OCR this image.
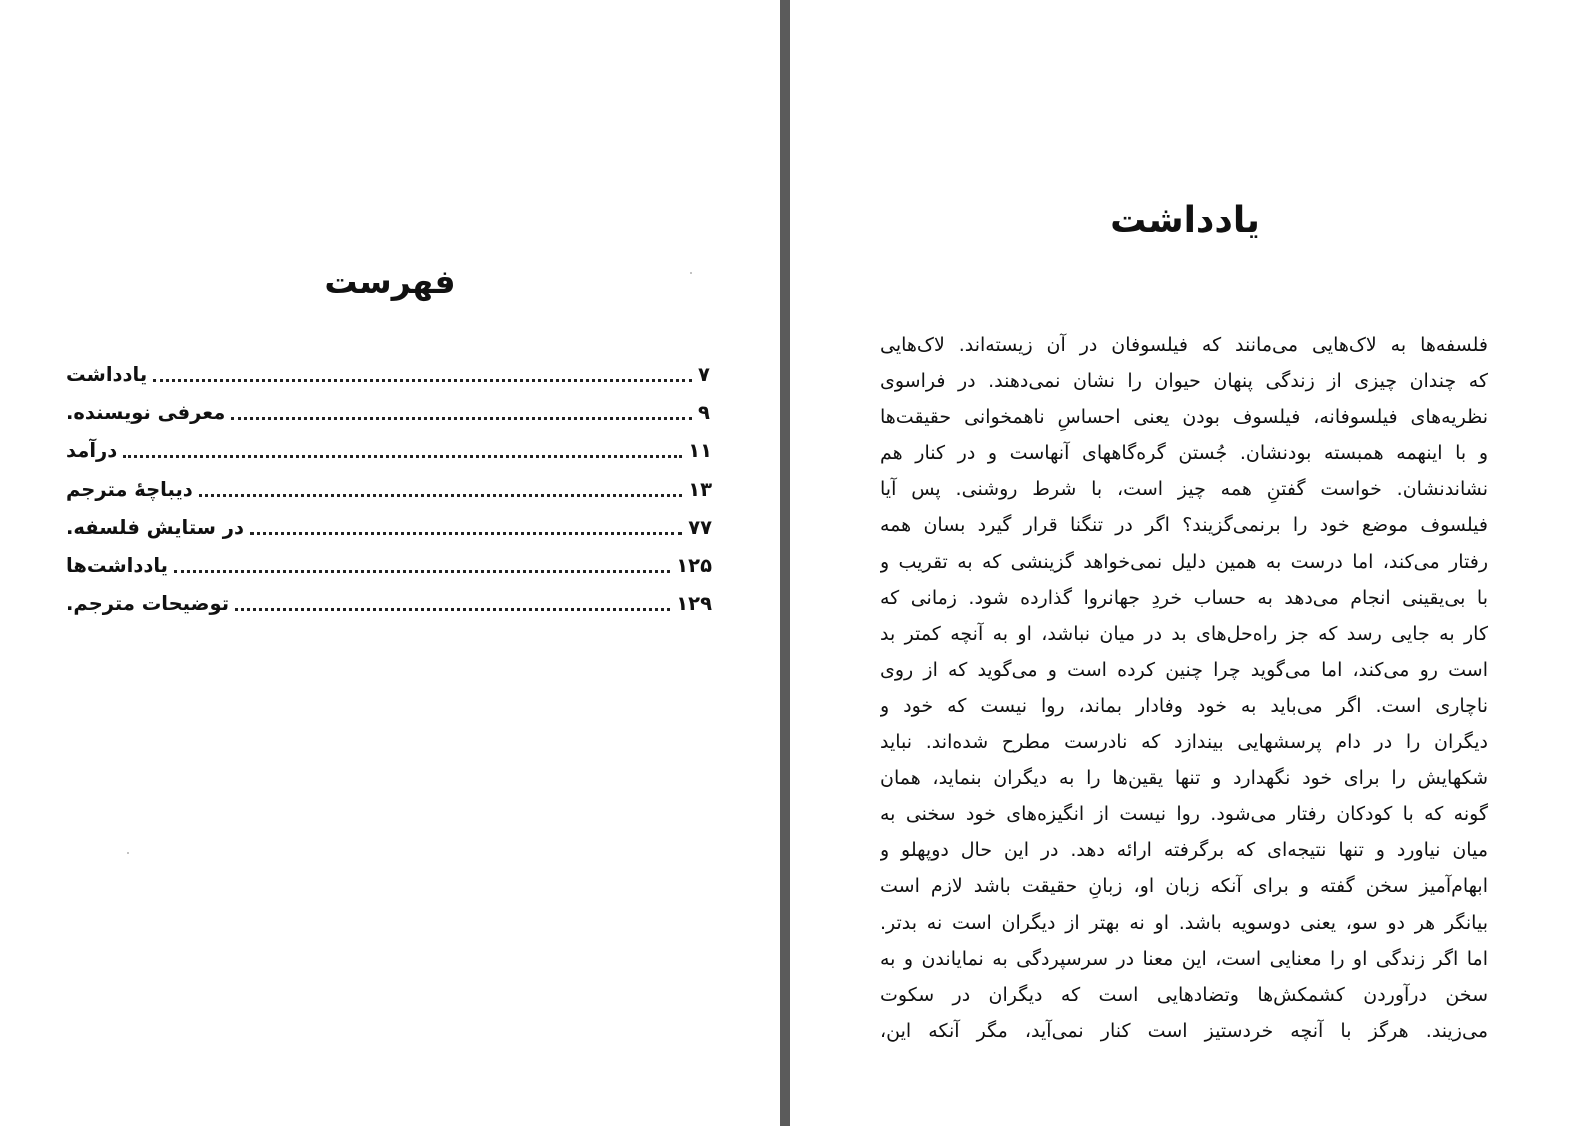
فهرست
یادداشت	۷
معرفی نویسنده.	۹
درآمد	۱۱
دیباچهٔ مترجم	۱۳
در ستایش فلسفه.	۷۷
یادداشت‌ها	۱۲۵
توضیحات مترجم.	۱۲۹
یادداشت
فلسفه‌ها به لاک‌هایی می‌مانند که فیلسوفان در آن زیسته‌اند. لاک‌هایی
که چندان چیزی از زندگی پنهان حیوان را نشان نمی‌دهند. در فراسوی
نظریه‌های فیلسوفانه، فیلسوف بودن یعنی احساسِ ناهمخوانی حقیقت‌ها
و با اینهمه همبسته بودنشان. جُستن گره‌گاههای آنهاست و در کنار هم
نشاندنشان. خواست گفتنِ همه چیز است، با شرط روشنی. پس آیا
فیلسوف موضع خود را برنمی‌گزیند؟ اگر در تنگنا قرار گیرد بسان همه
رفتار می‌کند، اما درست به همین دلیل نمی‌خواهد گزینشی که به تقریب و
با بی‌یقینی انجام می‌دهد به حساب خردِ جهانروا گذارده شود. زمانی که
کار به جایی رسد که جز راه‌حل‌های بد در میان نباشد، او به آنچه کمتر بد
است رو می‌کند، اما می‌گوید چرا چنین کرده است و می‌گوید که از روی
ناچاری است. اگر می‌باید به خود وفادار بماند، روا نیست که خود و
دیگران را در دام پرسشهایی بیندازد که نادرست مطرح شده‌اند. نباید
شکهایش را برای خود نگهدارد و تنها یقین‌ها را به دیگران بنماید، همان
گونه که با کودکان رفتار می‌شود. روا نیست از انگیزه‌های خود سخنی به
میان نیاورد و تنها نتیجه‌ای که برگرفته ارائه دهد. در این حال دوپهلو و
ابهام‌آمیز سخن گفته و برای آنکه زبان او، زبانِ حقیقت باشد لازم است
بیانگر هر دو سو، یعنی دوسویه باشد. او نه بهتر از دیگران است نه بدتر.
اما اگر زندگی او را معنایی است، این معنا در سرسپردگی به نمایاندن و به
سخن درآوردن کشمکش‌ها وتضادهایی است که دیگران در سکوت
می‌زیند. هرگز با آنچه خردستیز است کنار نمی‌آید، مگر آنکه این،
